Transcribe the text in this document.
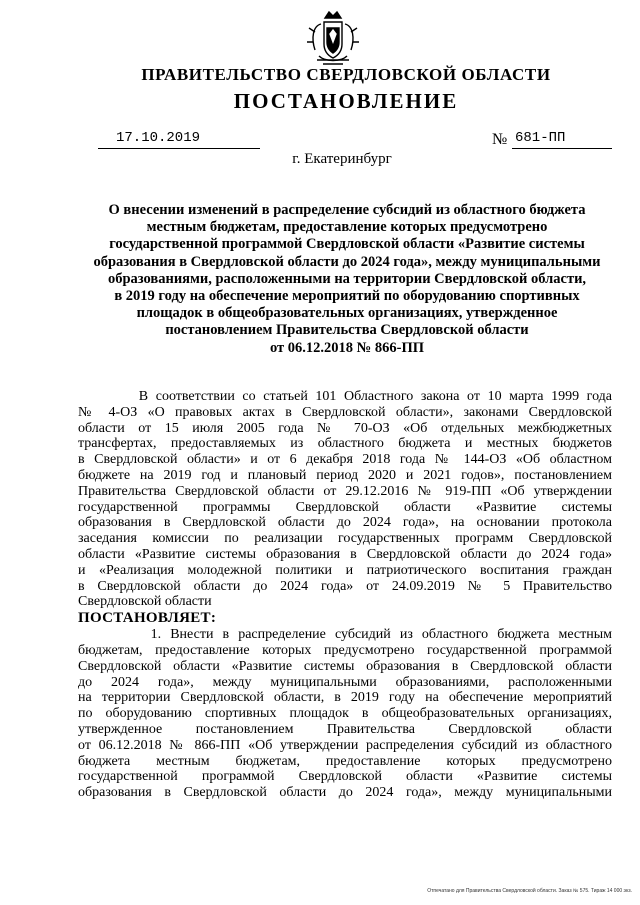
ПРАВИТЕЛЬСТВО СВЕРДЛОВСКОЙ ОБЛАСТИ
ПОСТАНОВЛЕНИЕ
17.10.2019	№ 681-ПП
г. Екатеринбург
О внесении изменений в распределение субсидий из областного бюджета
местным бюджетам, предоставление которых предусмотрено
государственной программой Свердловской области «Развитие системы
образования в Свердловской области до 2024 года», между муниципальными
образованиями, расположенными на территории Свердловской области,
в 2019 году на обеспечение мероприятий по оборудованию спортивных
площадок в общеобразовательных организациях, утвержденное
постановлением Правительства Свердловской области
от 06.12.2018 № 866-ПП
В соответствии со статьей 101 Областного закона от 10 марта 1999 года
№ 4-ОЗ «О правовых актах в Свердловской области», законами Свердловской
области от 15 июля 2005 года № 70-ОЗ «Об отдельных межбюджетных
трансфертах, предоставляемых из областного бюджета и местных бюджетов
в Свердловской области» и от 6 декабря 2018 года № 144-ОЗ «Об областном
бюджете на 2019 год и плановый период 2020 и 2021 годов», постановлением
Правительства Свердловской области от 29.12.2016 № 919-ПП «Об утверждении
государственной программы Свердловской области «Развитие системы
образования в Свердловской области до 2024 года», на основании протокола
заседания комиссии по реализации государственных программ Свердловской
области «Развитие системы образования в Свердловской области до 2024 года»
и «Реализация молодежной политики и патриотического воспитания граждан
в Свердловской области до 2024 года» от 24.09.2019 № 5 Правительство
Свердловской области
ПОСТАНОВЛЯЕТ:
1. Внести в распределение субсидий из областного бюджета местным
бюджетам, предоставление которых предусмотрено государственной программой
Свердловской области «Развитие системы образования в Свердловской области
до 2024 года», между муниципальными образованиями, расположенными
на территории Свердловской области, в 2019 году на обеспечение мероприятий
по оборудованию спортивных площадок в общеобразовательных организациях,
утвержденное постановлением Правительства Свердловской области
от 06.12.2018 № 866-ПП «Об утверждении распределения субсидий из областного
бюджета местным бюджетам, предоставление которых предусмотрено
государственной программой Свердловской области «Развитие системы
образования в Свердловской области до 2024 года», между муниципальными
Отпечатано для Правительства Свердловской области. Заказ № 575. Тираж 14 000 экз.
